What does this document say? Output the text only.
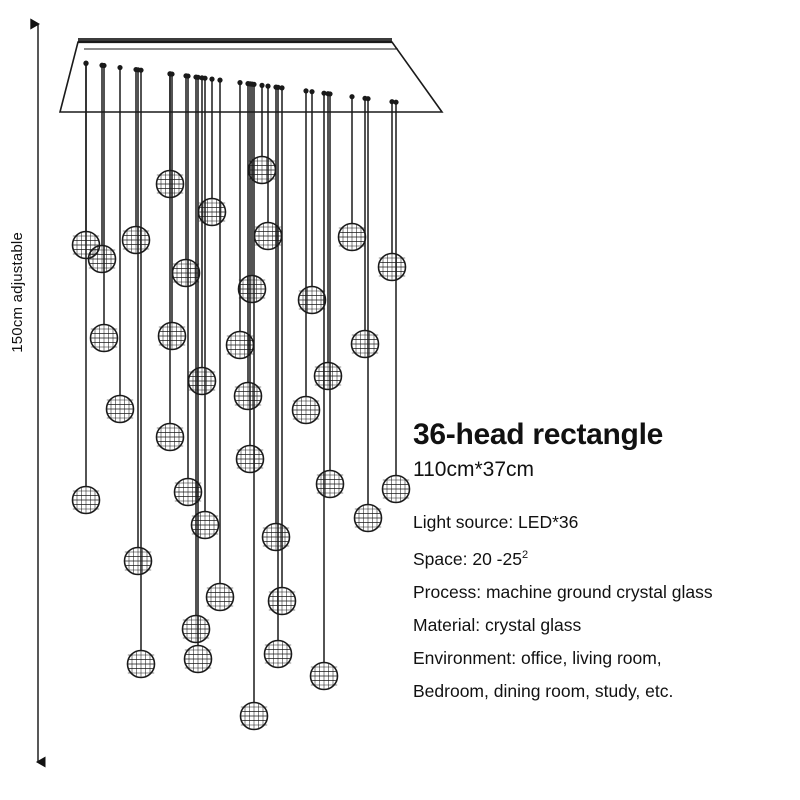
150cm adjustable
36-head rectangle
110cm*37cm
Light source: LED*36
Space: 20 $-25^2$
Process: machine ground crystal glass
Material: crystal glass
Environment: office, living room,
Bedroom, dining room, study, etc.
